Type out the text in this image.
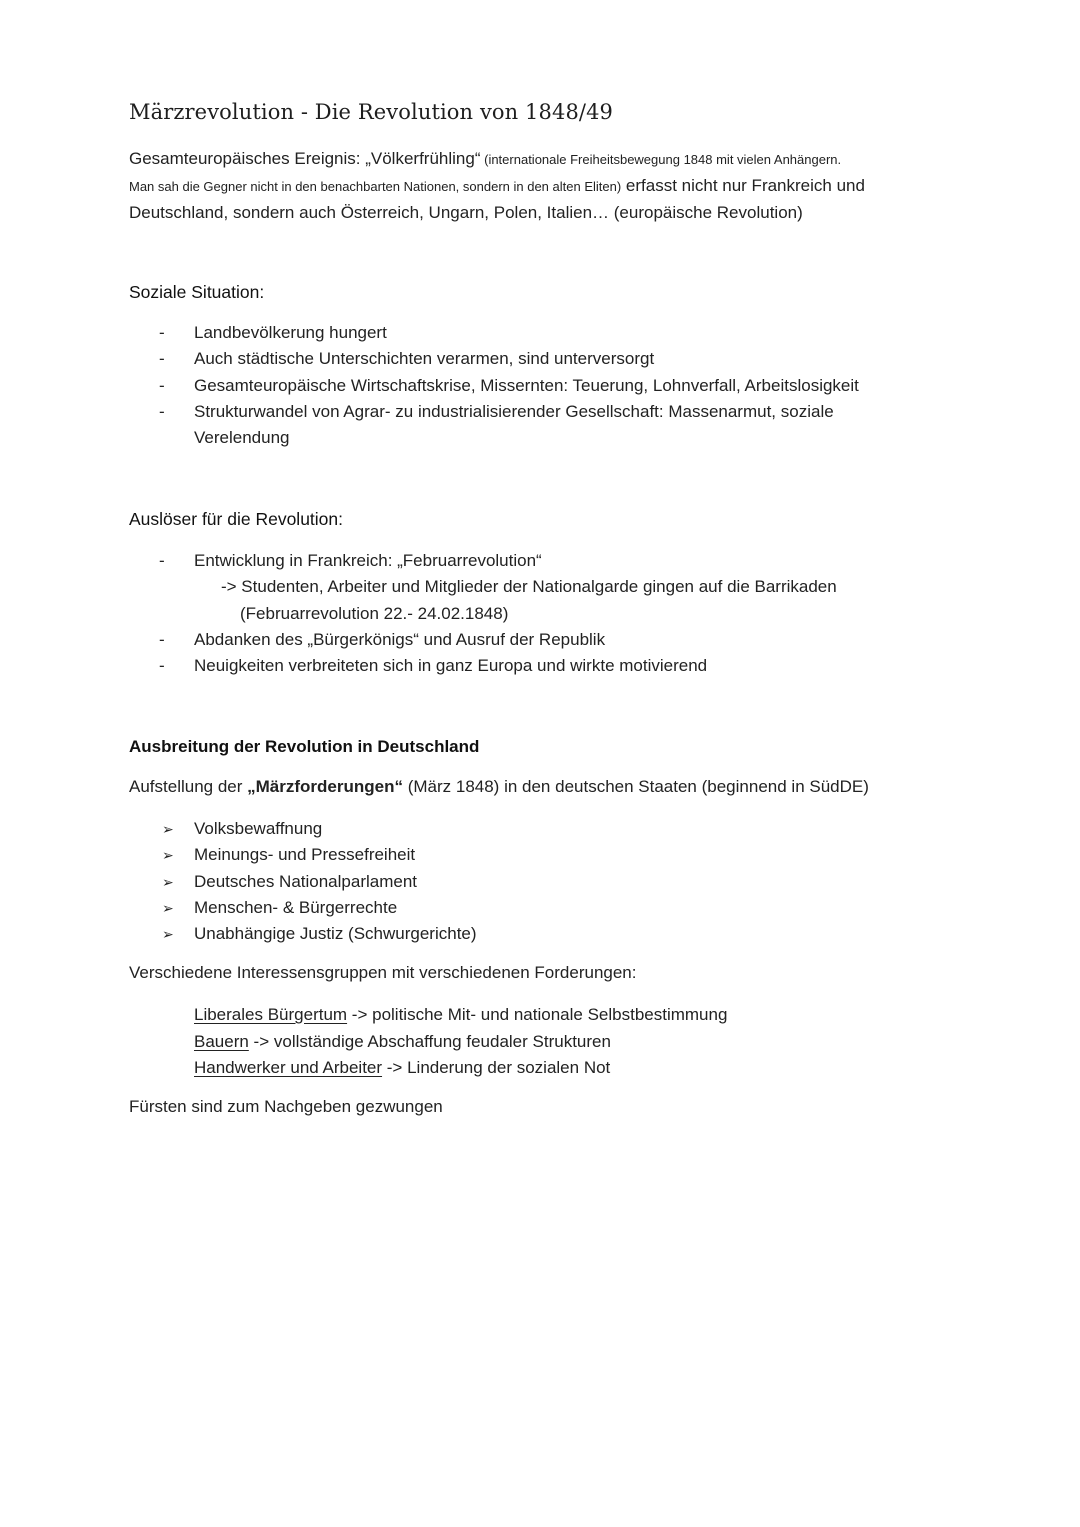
Märzrevolution - Die Revolution von 1848/49
Gesamteuropäisches Ereignis: „Völkerfrühling“ (internationale Freiheitsbewegung 1848 mit vielen Anhängern.
Man sah die Gegner nicht in den benachbarten Nationen, sondern in den alten Eliten) erfasst nicht nur Frankreich und
Deutschland, sondern auch Österreich, Ungarn, Polen, Italien… (europäische Revolution)
Soziale Situation:
- Landbevölkerung hungert
- Auch städtische Unterschichten verarmen, sind unterversorgt
- Gesamteuropäische Wirtschaftskrise, Missernten: Teuerung, Lohnverfall, Arbeitslosigkeit
- Strukturwandel von Agrar- zu industrialisierender Gesellschaft: Massenarmut, soziale
Verelendung
Auslöser für die Revolution:
- Entwicklung in Frankreich: „Februarrevolution“
-> Studenten, Arbeiter und Mitglieder der Nationalgarde gingen auf die Barrikaden
(Februarrevolution 22.- 24.02.1848)
- Abdanken des „Bürgerkönigs“ und Ausruf der Republik
- Neuigkeiten verbreiteten sich in ganz Europa und wirkte motivierend
Ausbreitung der Revolution in Deutschland
Aufstellung der „Märzforderungen“ (März 1848) in den deutschen Staaten (beginnend in SüdDE)
➢ Volksbewaffnung
➢ Meinungs- und Pressefreiheit
➢ Deutsches Nationalparlament
➢ Menschen- & Bürgerrechte
➢ Unabhängige Justiz (Schwurgerichte)
Verschiedene Interessensgruppen mit verschiedenen Forderungen:
Liberales Bürgertum -> politische Mit- und nationale Selbstbestimmung
Bauern -> vollständige Abschaffung feudaler Strukturen
Handwerker und Arbeiter -> Linderung der sozialen Not
Fürsten sind zum Nachgeben gezwungen
